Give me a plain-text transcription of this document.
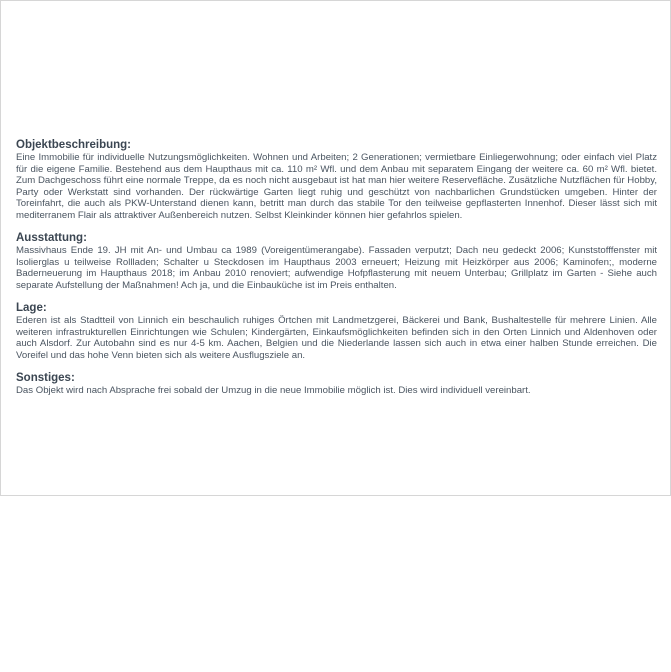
Objektbeschreibung:

Eine Immobilie für individuelle Nutzungsmöglichkeiten. Wohnen und Arbeiten; 2 Generationen; vermietbare Einliegerwohnung; oder einfach viel Platz für die eigene Familie. Bestehend aus dem Haupthaus mit ca. 110 m² Wfl. und dem Anbau mit separatem Eingang der weitere ca. 60 m² Wfl. bietet. Zum Dachgeschoss führt eine normale Treppe, da es noch nicht ausgebaut ist hat man hier weitere Reservefläche. Zusätzliche Nutzflächen für Hobby, Party oder Werkstatt sind vorhanden. Der rückwärtige Garten liegt ruhig und geschützt von nachbarlichen Grundstücken umgeben. Hinter der Toreinfahrt, die auch als PKW-Unterstand dienen kann, betritt man durch das stabile Tor den teilweise gepflasterten Innenhof. Dieser lässt sich mit mediterranem Flair als attraktiver Außenbereich nutzen. Selbst Kleinkinder können hier gefahrlos spielen.

Ausstattung:

Massivhaus Ende 19. JH mit An- und Umbau ca 1989 (Voreigentümerangabe). Fassaden verputzt; Dach neu gedeckt 2006; Kunststofffenster mit Isolierglas u teilweise Rollladen; Schalter u Steckdosen im Haupthaus 2003 erneuert; Heizung mit Heizkörper aus 2006; Kaminofen;, moderne Baderneuerung im Haupthaus 2018; im Anbau 2010 renoviert; aufwendige Hofpflasterung mit neuem Unterbau; Grillplatz im Garten - Siehe auch separate Aufstellung der Maßnahmen! Ach ja, und die Einbauküche ist im Preis enthalten.

Lage:

Ederen ist als Stadtteil von Linnich ein beschaulich ruhiges Örtchen mit Landmetzgerei, Bäckerei und Bank, Bushaltestelle für mehrere Linien. Alle weiteren infrastrukturellen Einrichtungen wie Schulen; Kindergärten, Einkaufsmöglichkeiten befinden sich in den Orten Linnich und Aldenhoven oder auch Alsdorf. Zur Autobahn sind es nur 4-5 km. Aachen, Belgien und die Niederlande lassen sich auch in etwa einer halben Stunde erreichen. Die Voreifel und das hohe Venn bieten sich als weitere Ausflugsziele an.

Sonstiges:

Das Objekt wird nach Absprache frei sobald der Umzug in die neue Immobilie möglich ist. Dies wird individuell vereinbart.
